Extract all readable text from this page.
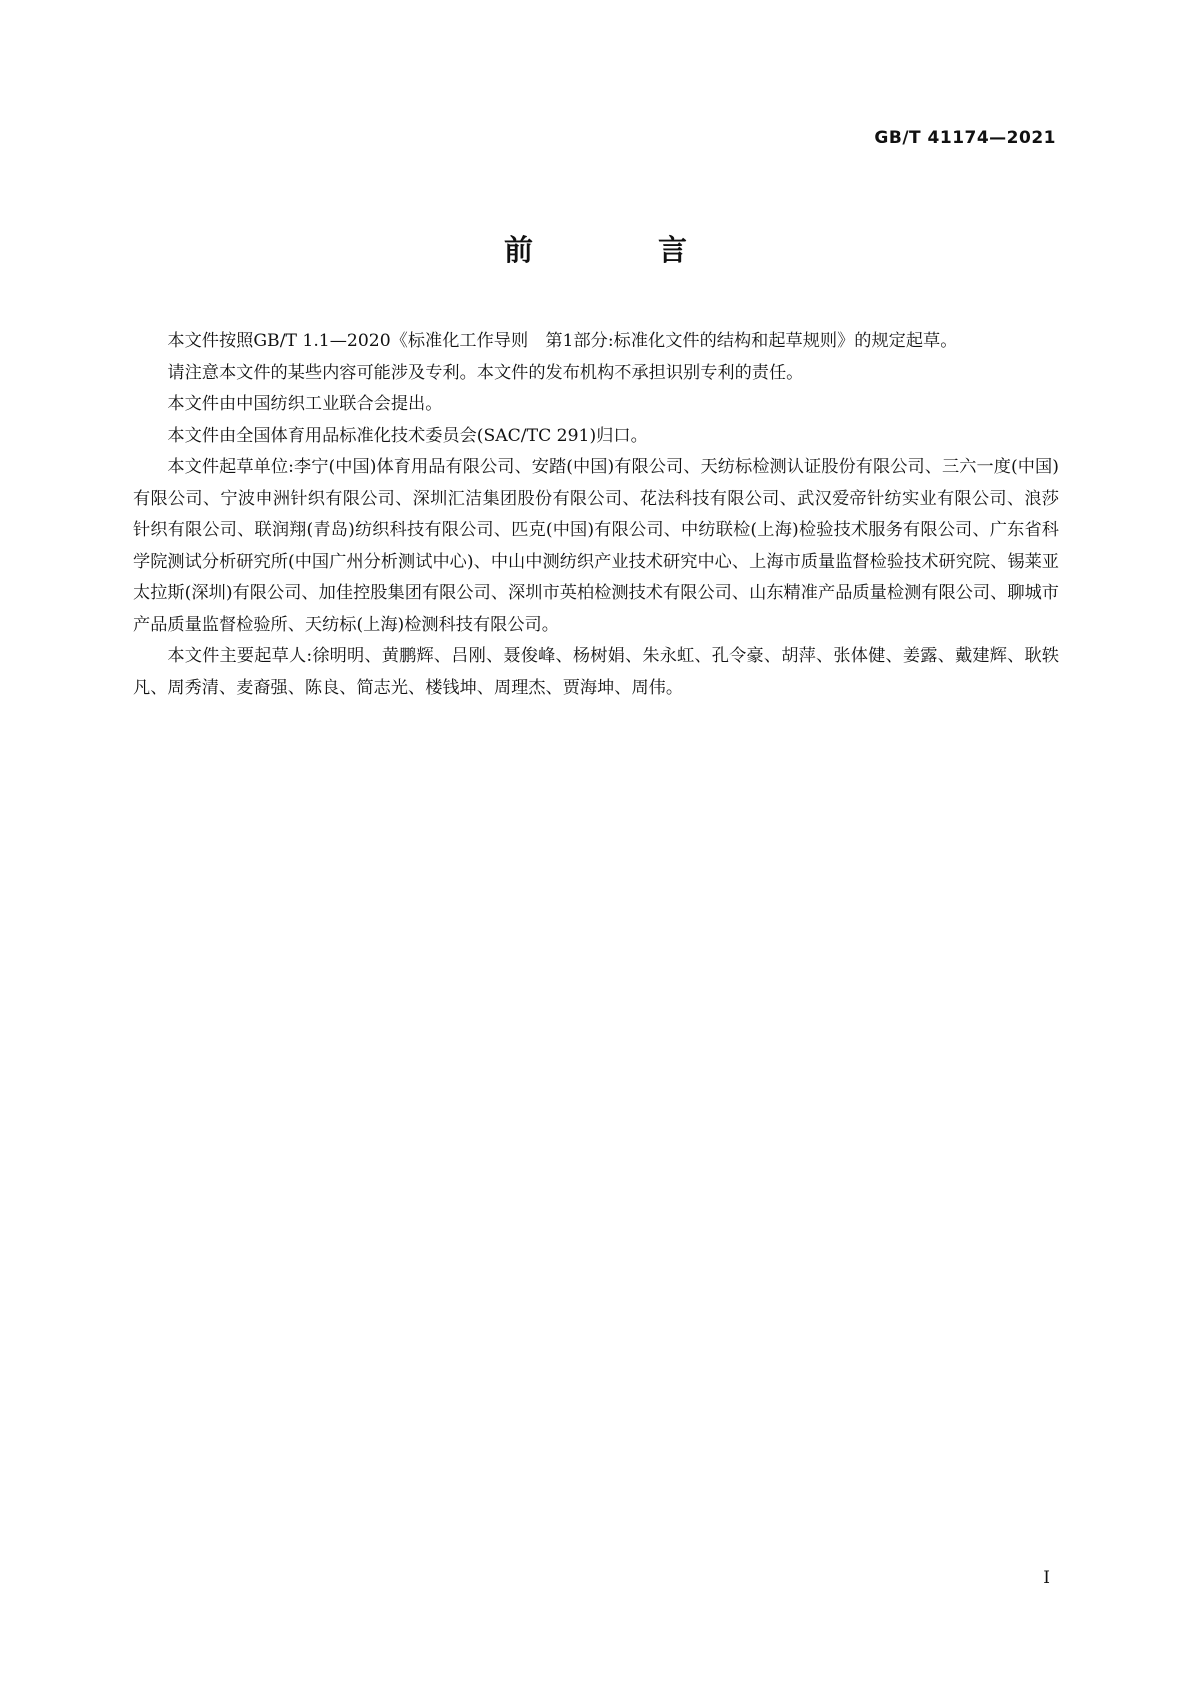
GB/T 41174—2021
前　言

本文件按照GB/T 1.1—2020《标准化工作导则　第1部分:标准化文件的结构和起草规则》的规定起草。

请注意本文件的某些内容可能涉及专利。本文件的发布机构不承担识别专利的责任。

本文件由中国纺织工业联合会提出。

本文件由全国体育用品标准化技术委员会(SAC/TC 291)归口。

本文件起草单位:李宁(中国)体育用品有限公司、安踏(中国)有限公司、天纺标检测认证股份有限公司、三六一度(中国)有限公司、宁波申洲针织有限公司、深圳汇洁集团股份有限公司、花法科技有限公司、武汉爱帝针纺实业有限公司、浪莎针织有限公司、联润翔(青岛)纺织科技有限公司、匹克(中国)有限公司、中纺联检(上海)检验技术服务有限公司、广东省科学院测试分析研究所(中国广州分析测试中心)、中山中测纺织产业技术研究中心、上海市质量监督检验技术研究院、锡莱亚太拉斯(深圳)有限公司、加佳控股集团有限公司、深圳市英柏检测技术有限公司、山东精准产品质量检测有限公司、聊城市产品质量监督检验所、天纺标(上海)检测科技有限公司。

本文件主要起草人:徐明明、黄鹏辉、吕刚、聂俊峰、杨树娟、朱永虹、孔令豪、胡萍、张体健、姜露、戴建辉、耿轶凡、周秀清、麦裔强、陈良、简志光、楼钱坤、周理杰、贾海坤、周伟。

I
